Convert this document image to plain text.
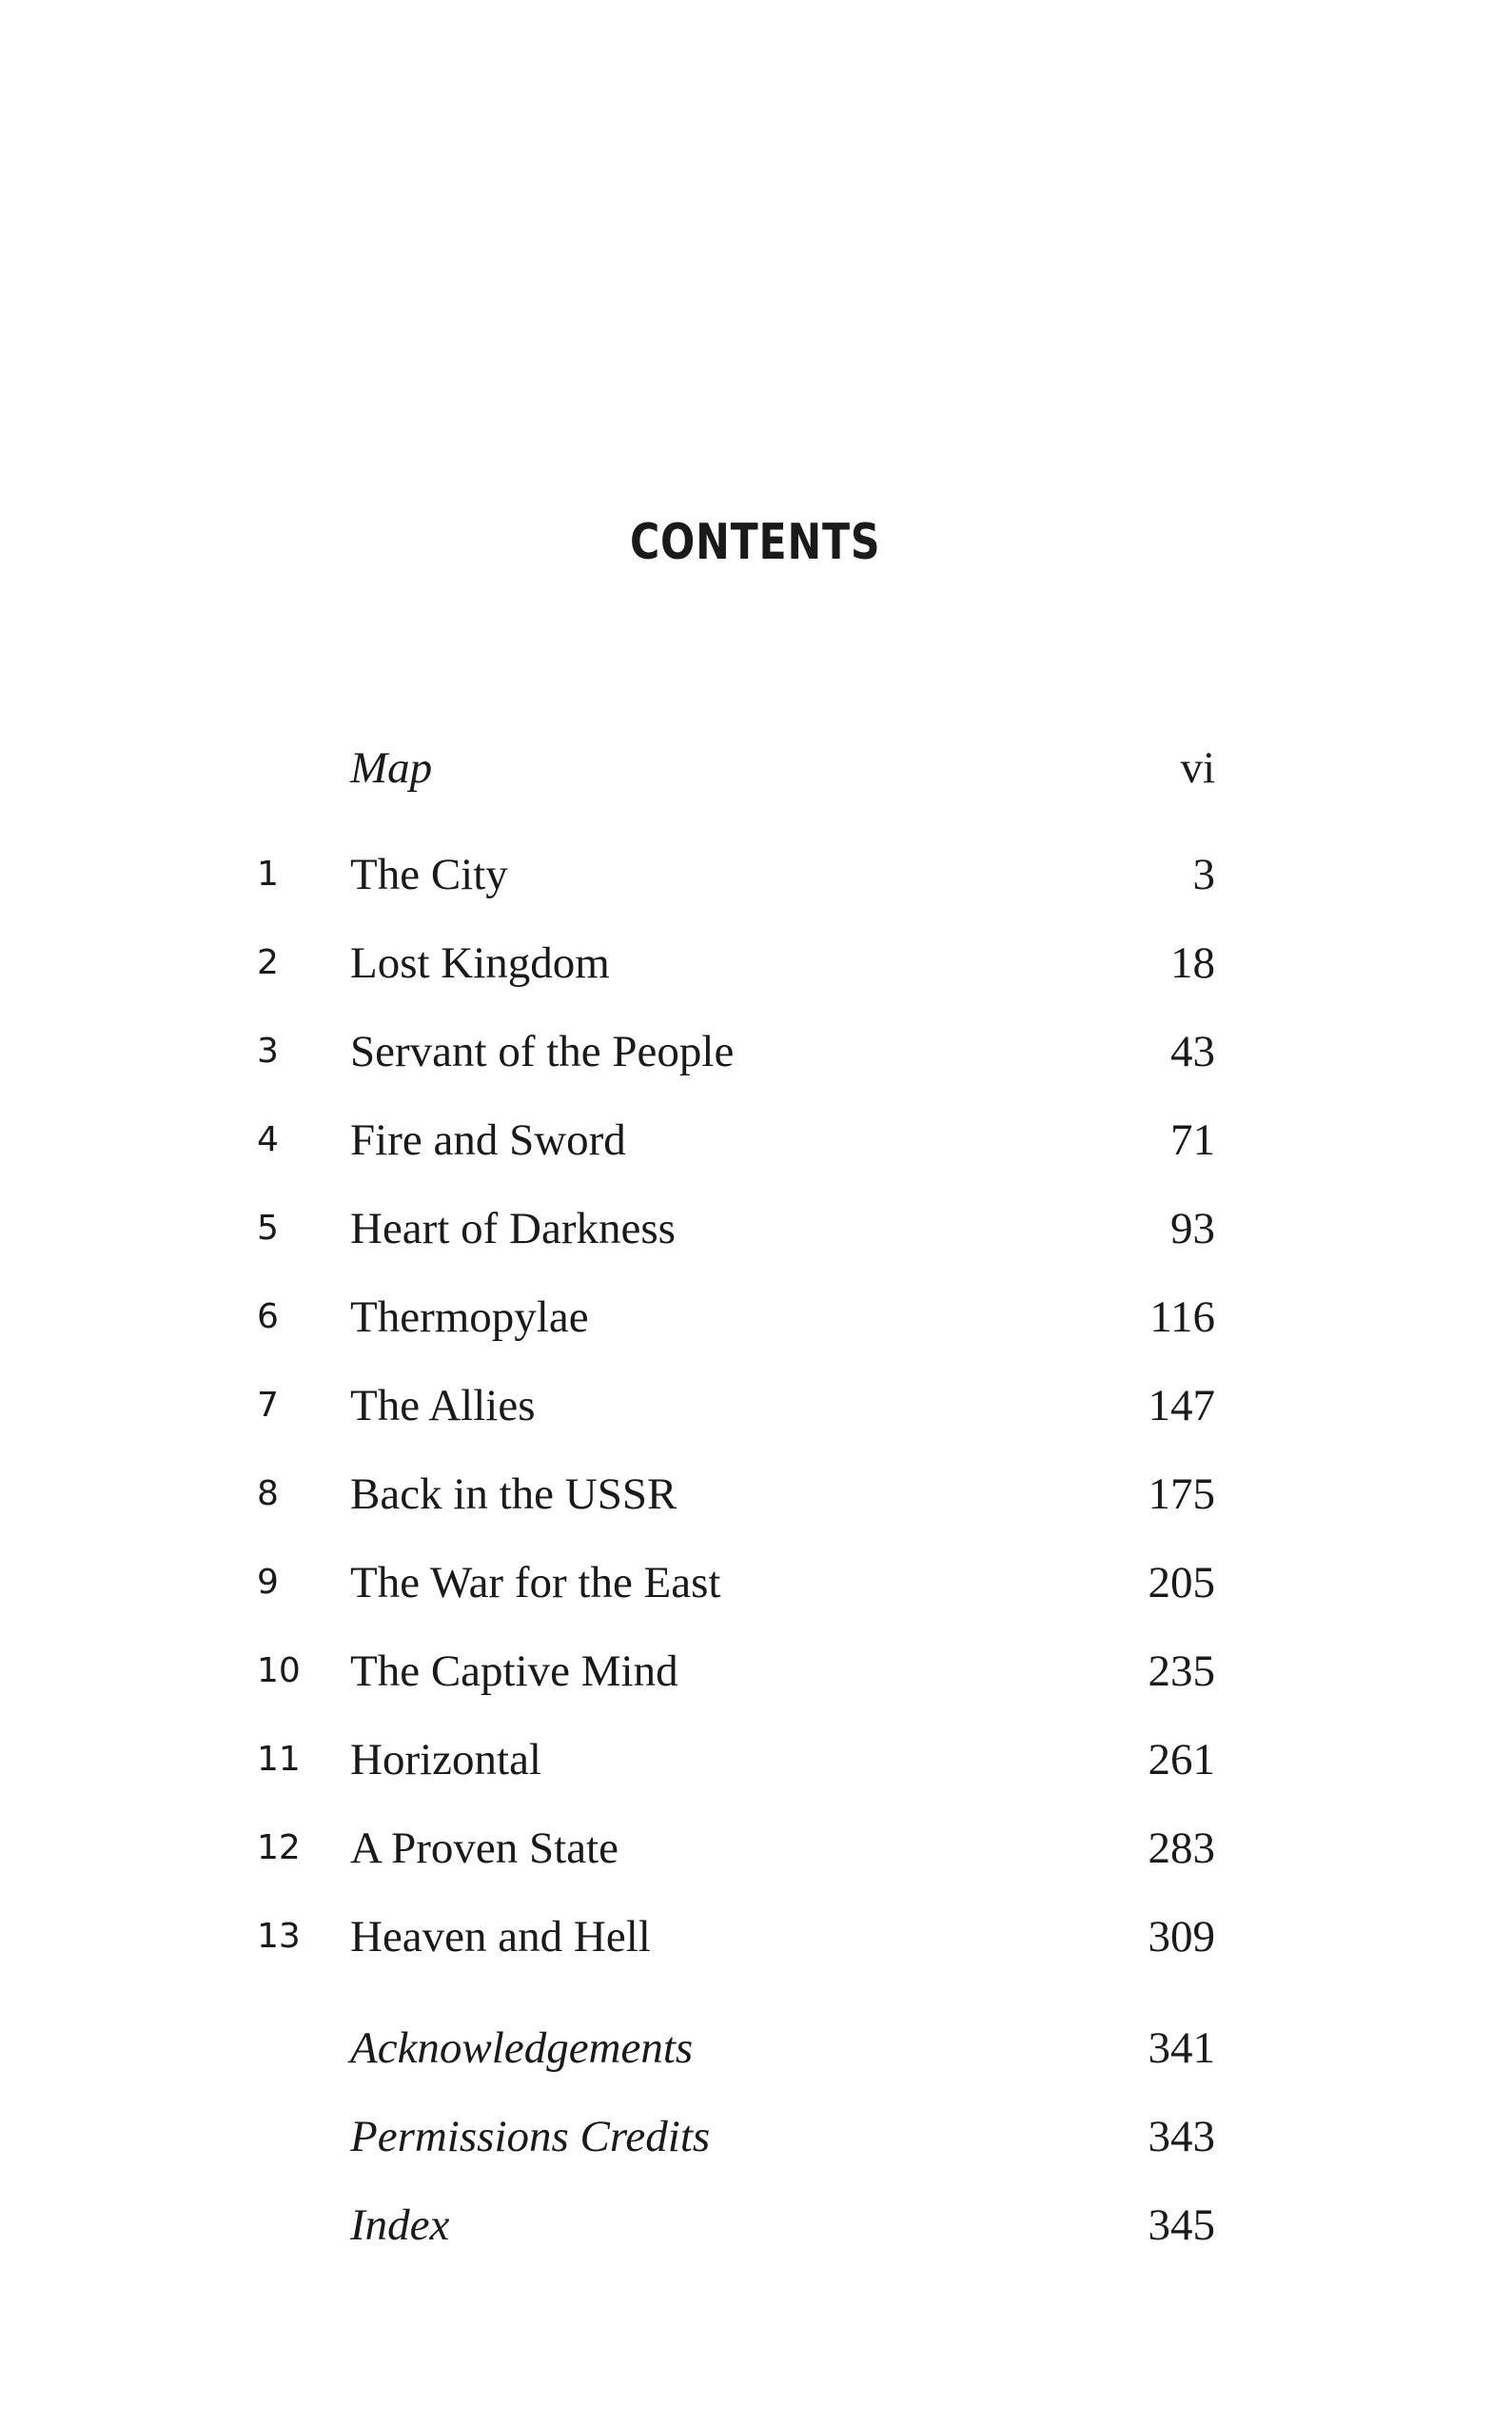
CONTENTS
Map	vi
1	The City	3
2	Lost Kingdom	18
3	Servant of the People	43
4	Fire and Sword	71
5	Heart of Darkness	93
6	Thermopylae	116
7	The Allies	147
8	Back in the USSR	175
9	The War for the East	205
10	The Captive Mind	235
11	Horizontal	261
12	A Proven State	283
13	Heaven and Hell	309
Acknowledgements	341
Permissions Credits	343
Index	345
